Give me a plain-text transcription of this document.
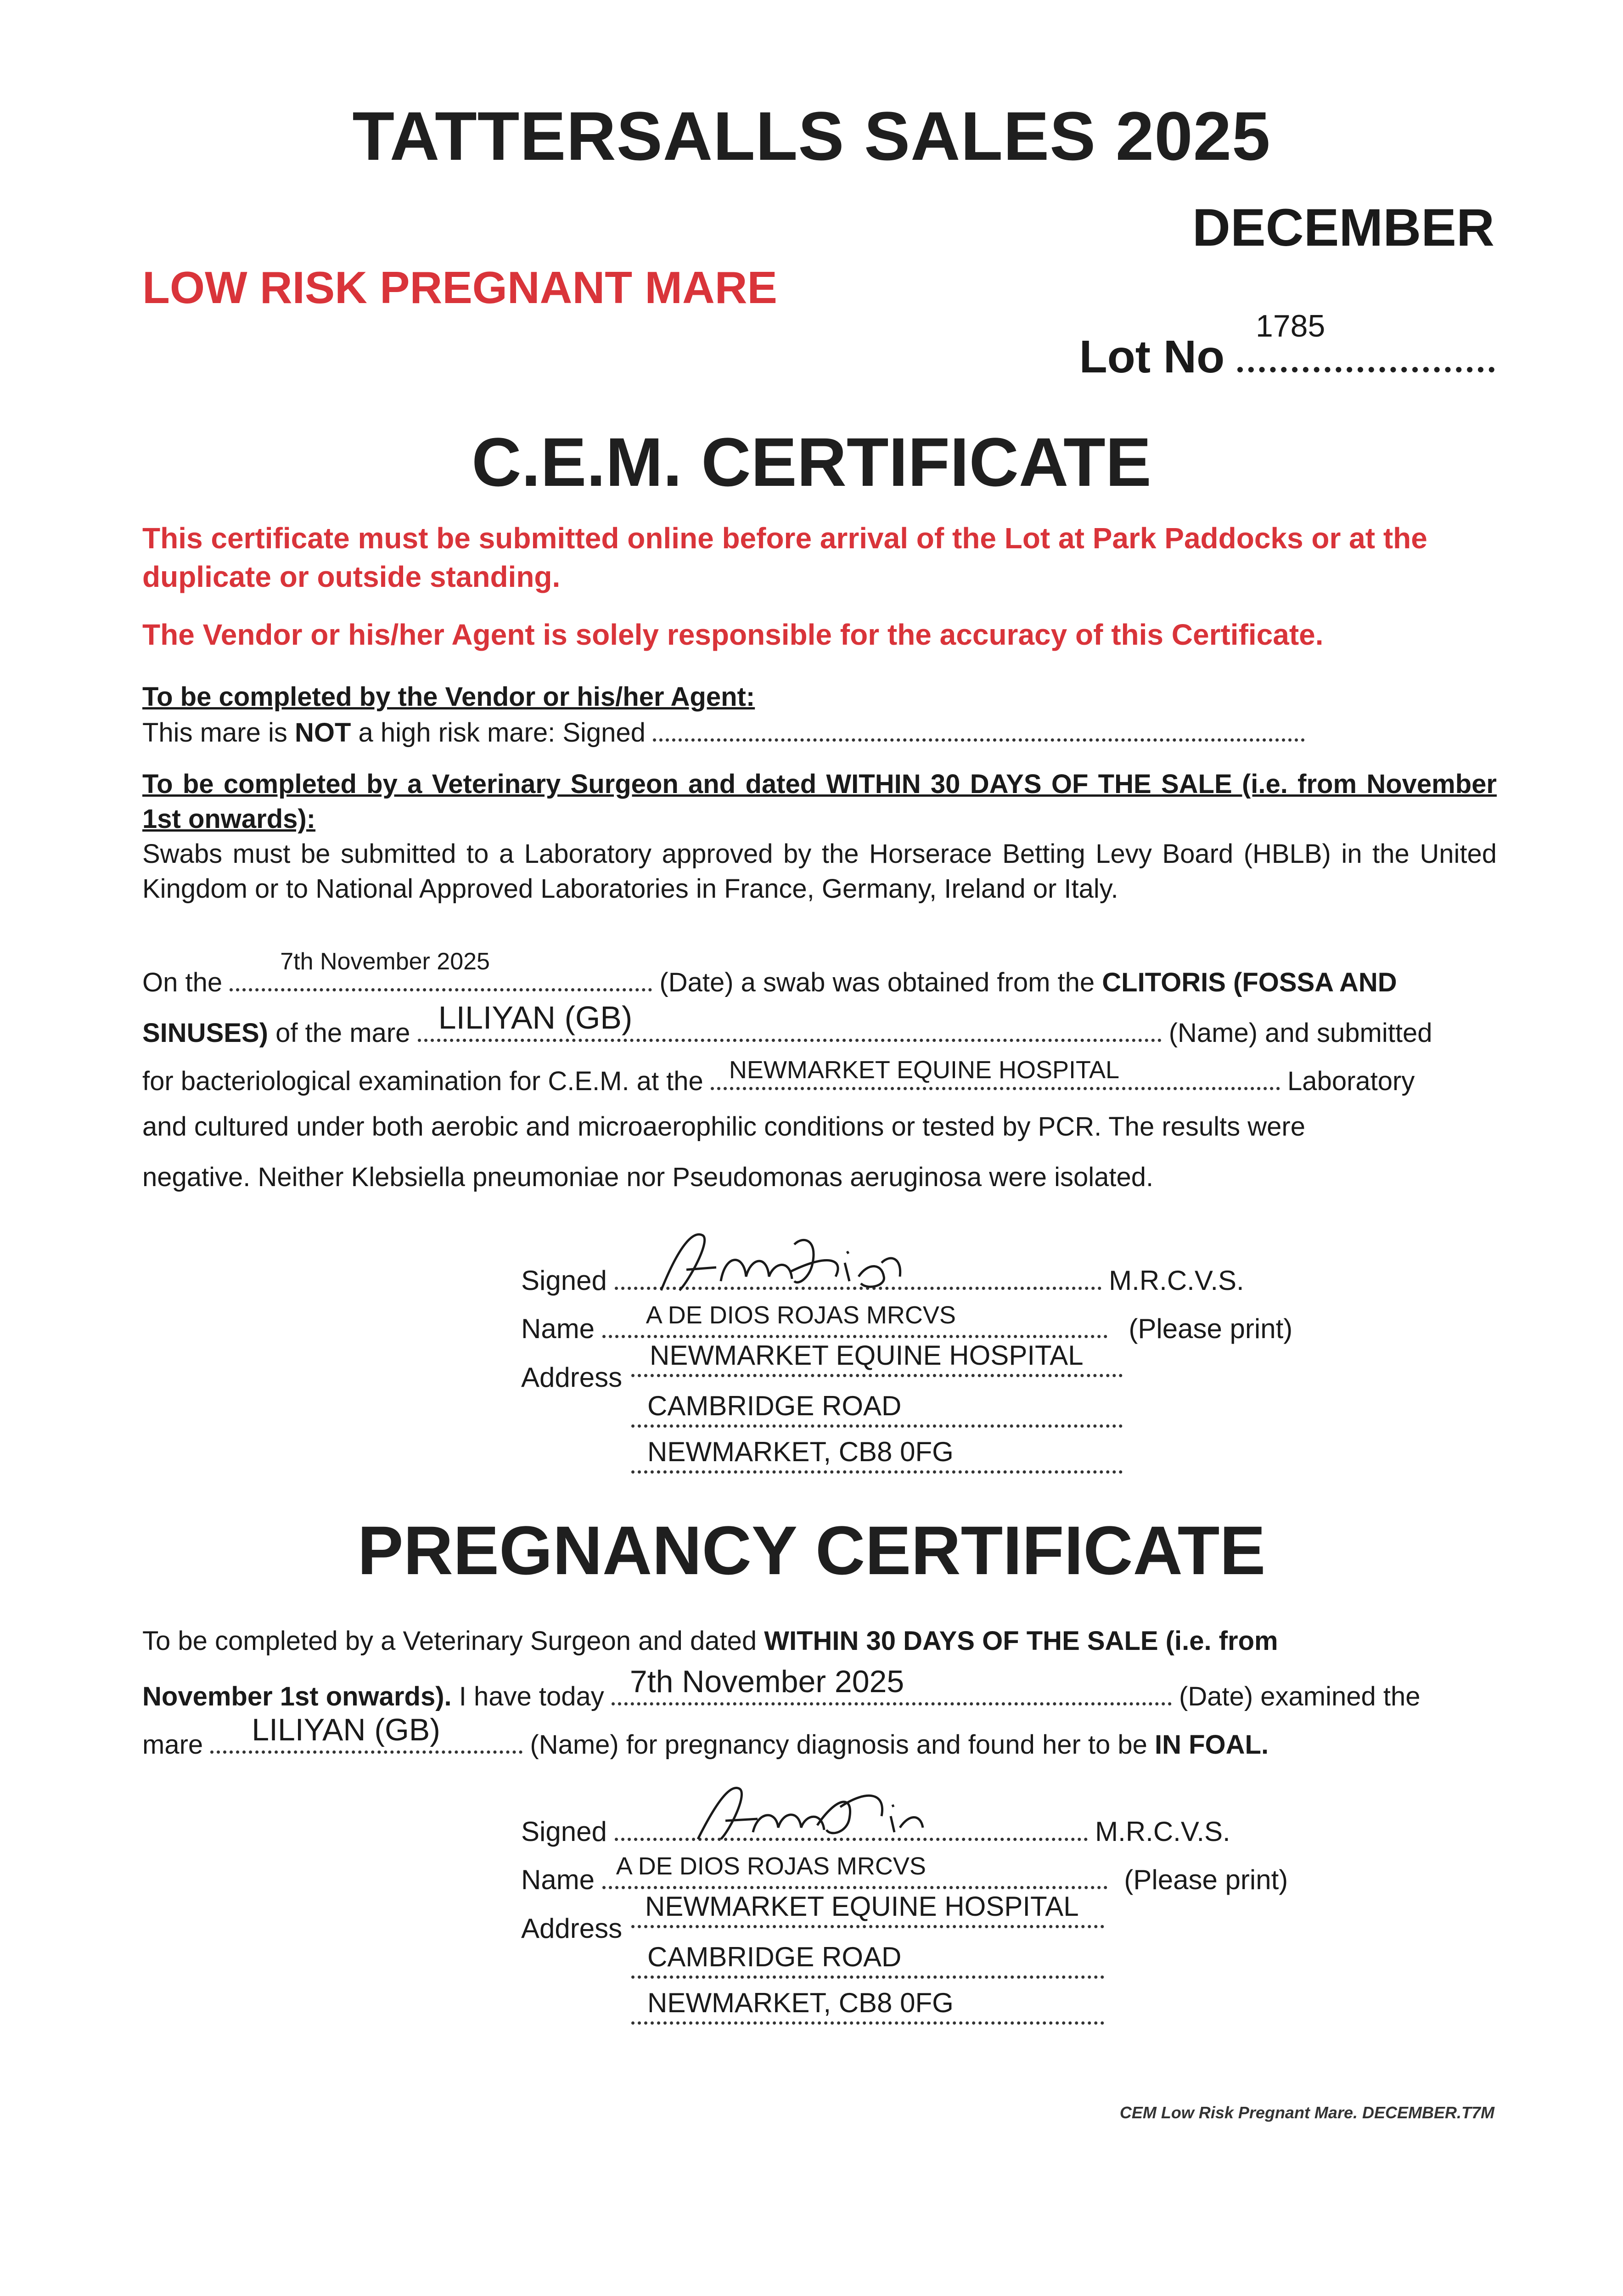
TATTERSALLS SALES 2025
DECEMBER
LOW RISK PREGNANT MARE
Lot No
1785
C.E.M. CERTIFICATE
This certificate must be submitted online before arrival of the Lot at Park Paddocks or at the duplicate or outside standing.
The Vendor or his/her Agent is solely responsible for the accuracy of this Certificate.
To be completed by the Vendor or his/her Agent:
This mare is NOT a high risk mare: Signed
To be completed by a Veterinary Surgeon and dated WITHIN 30 DAYS OF THE SALE (i.e. from November 1st onwards):
Swabs must be submitted to a Laboratory approved by the Horserace Betting Levy Board (HBLB) in the United Kingdom or to National Approved Laboratories in France, Germany, Ireland or Italy.
On the
7th November 2025
(Date) a swab was obtained from the CLITORIS (FOSSA AND
SINUSES) of the mare LILIYAN (GB)	(Name) and submitted
for bacteriological examination for C.E.M. at the NEWMARKET EQUINE HOSPITAL	Laboratory
and cultured under both aerobic and microaerophilic conditions or tested by PCR. The results were
negative. Neither Klebsiella pneumoniae nor Pseudomonas aeruginosa were isolated.
Signed	M.R.C.V.S.
Name A DE DIOS ROJAS MRCVS	(Please print)
Address
NEWMARKET EQUINE HOSPITAL
CAMBRIDGE ROAD
NEWMARKET, CB8 0FG
PREGNANCY CERTIFICATE
To be completed by a Veterinary Surgeon and dated WITHIN 30 DAYS OF THE SALE (i.e. from
November 1st onwards). I have today 7th November 2025	(Date) examined the
mare LILIYAN (GB)	(Name) for pregnancy diagnosis and found her to be IN FOAL.
Signed	M.R.C.V.S.
Name A DE DIOS ROJAS MRCVS	(Please print)
Address
NEWMARKET EQUINE HOSPITAL
CAMBRIDGE ROAD
NEWMARKET, CB8 0FG
CEM Low Risk Pregnant Mare. DECEMBER.T7M
